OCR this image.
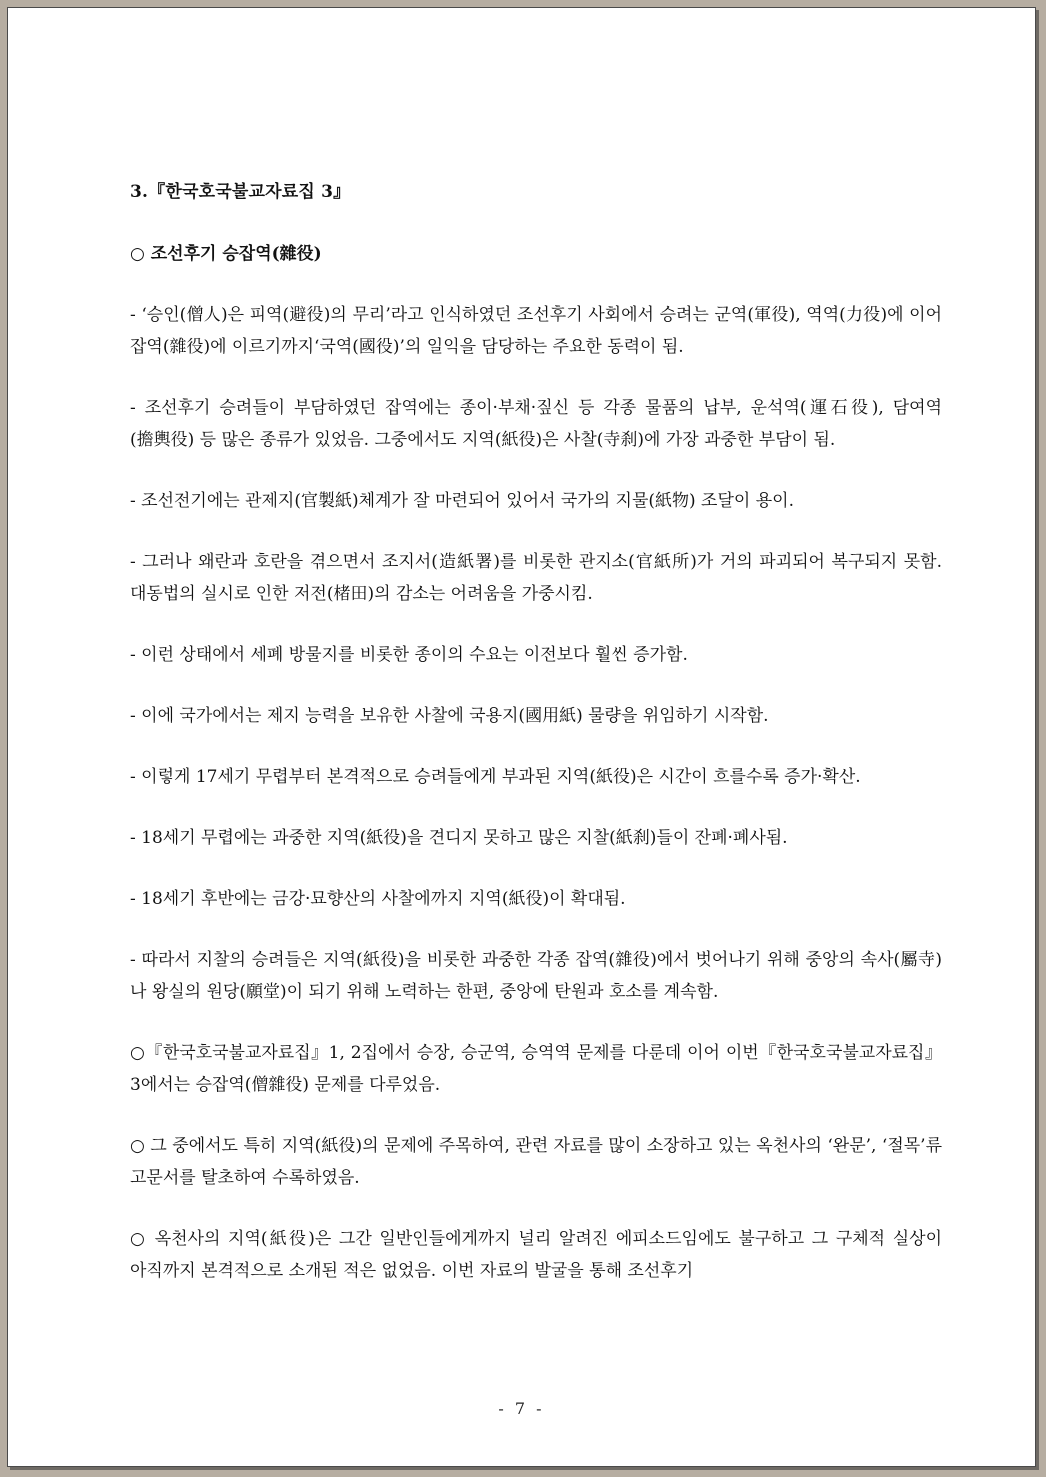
3.『한국호국불교자료집 3』
○ 조선후기 승잡역(雜役)

- ‘승인(僧人)은 피역(避役)의 무리’라고 인식하였던 조선후기 사회에서 승려는 군역(軍役), 역역(力役)에 이어 잡역(雜役)에 이르기까지‘국역(國役)’의 일익을 담당하는 주요한 동력이 됨.

- 조선후기 승려들이 부담하였던 잡역에는 종이·부채·짚신 등 각종 물품의 납부, 운석역(運石役), 담여역(擔輿役) 등 많은 종류가 있었음. 그중에서도 지역(紙役)은 사찰(寺刹)에 가장 과중한 부담이 됨.

- 조선전기에는 관제지(官製紙)체계가 잘 마련되어 있어서 국가의 지물(紙物) 조달이 용이.

- 그러나 왜란과 호란을 겪으면서 조지서(造紙署)를 비롯한 관지소(官紙所)가 거의 파괴되어 복구되지 못함. 대동법의 실시로 인한 저전(楮田)의 감소는 어려움을 가중시킴.

- 이런 상태에서 세폐 방물지를 비롯한 종이의 수요는 이전보다 훨씬 증가함.

- 이에 국가에서는 제지 능력을 보유한 사찰에 국용지(國用紙) 물량을 위임하기 시작함.

- 이렇게 17세기 무렵부터 본격적으로 승려들에게 부과된 지역(紙役)은 시간이 흐를수록 증가·확산.

- 18세기 무렵에는 과중한 지역(紙役)을 견디지 못하고 많은 지찰(紙刹)들이 잔폐·폐사됨.

- 18세기 후반에는 금강·묘향산의 사찰에까지 지역(紙役)이 확대됨.

- 따라서 지찰의 승려들은 지역(紙役)을 비롯한 과중한 각종 잡역(雜役)에서 벗어나기 위해 중앙의 속사(屬寺)나 왕실의 원당(願堂)이 되기 위해 노력하는 한편, 중앙에 탄원과 호소를 계속함.

○『한국호국불교자료집』1, 2집에서 승장, 승군역, 승역역 문제를 다룬데 이어 이번『한국호국불교자료집』3에서는 승잡역(僧雜役) 문제를 다루었음.

○ 그 중에서도 특히 지역(紙役)의 문제에 주목하여, 관련 자료를 많이 소장하고 있는 옥천사의 ‘완문’, ‘절목’류 고문서를 탈초하여 수록하였음.

○ 옥천사의 지역(紙役)은 그간 일반인들에게까지 널리 알려진 에피소드임에도 불구하고 그 구체적 실상이 아직까지 본격적으로 소개된 적은 없었음. 이번 자료의 발굴을 통해 조선후기

- 7 -
